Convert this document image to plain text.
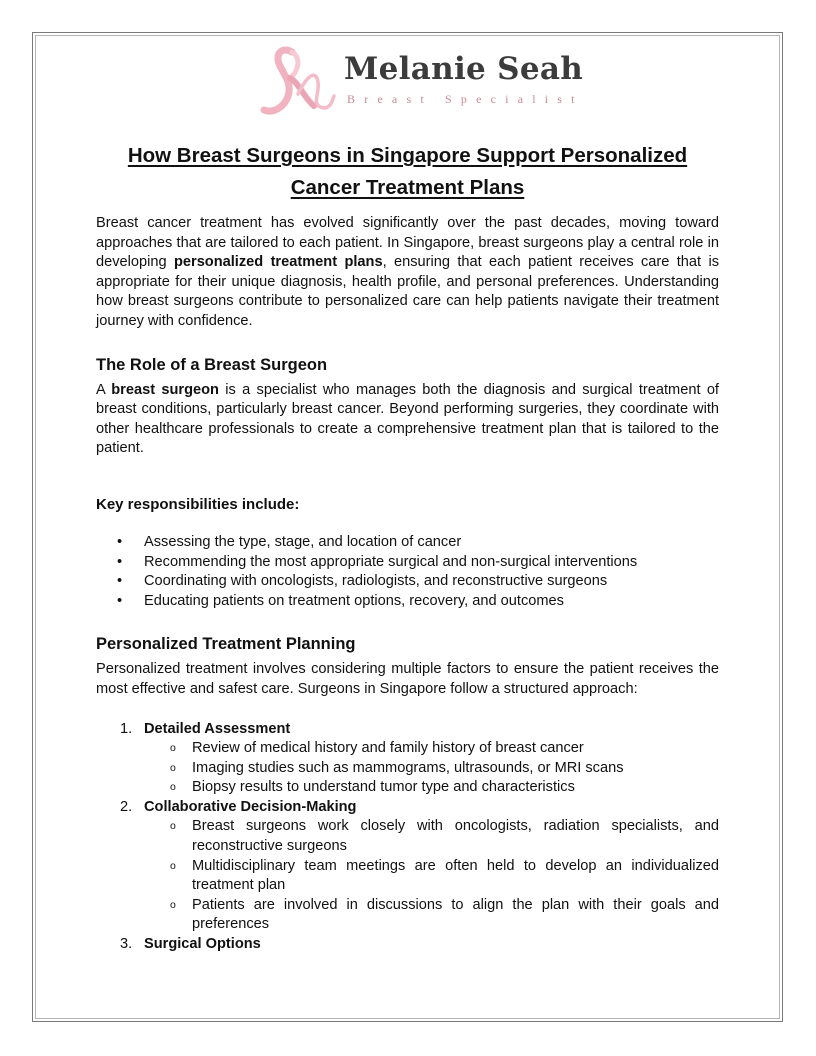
Melanie Seah
Breast Specialist
How Breast Surgeons in Singapore Support Personalized Cancer Treatment Plans

Breast cancer treatment has evolved significantly over the past decades, moving toward approaches that are tailored to each patient. In Singapore, breast surgeons play a central role in developing personalized treatment plans, ensuring that each patient receives care that is appropriate for their unique diagnosis, health profile, and personal preferences. Understanding how breast surgeons contribute to personalized care can help patients navigate their treatment journey with confidence.

The Role of a Breast Surgeon

A breast surgeon is a specialist who manages both the diagnosis and surgical treatment of breast conditions, particularly breast cancer. Beyond performing surgeries, they coordinate with other healthcare professionals to create a comprehensive treatment plan that is tailored to the patient.

Key responsibilities include:
• Assessing the type, stage, and location of cancer
• Recommending the most appropriate surgical and non-surgical interventions
• Coordinating with oncologists, radiologists, and reconstructive surgeons
• Educating patients on treatment options, recovery, and outcomes
Personalized Treatment Planning

Personalized treatment involves considering multiple factors to ensure the patient receives the most effective and safest care. Surgeons in Singapore follow a structured approach:

1. Detailed Assessment
o Review of medical history and family history of breast cancer
o Imaging studies such as mammograms, ultrasounds, or MRI scans
o Biopsy results to understand tumor type and characteristics
2. Collaborative Decision-Making
o Breast surgeons work closely with oncologists, radiation specialists, and reconstructive surgeons
o Multidisciplinary team meetings are often held to develop an individualized treatment plan
o Patients are involved in discussions to align the plan with their goals and preferences
3. Surgical Options
